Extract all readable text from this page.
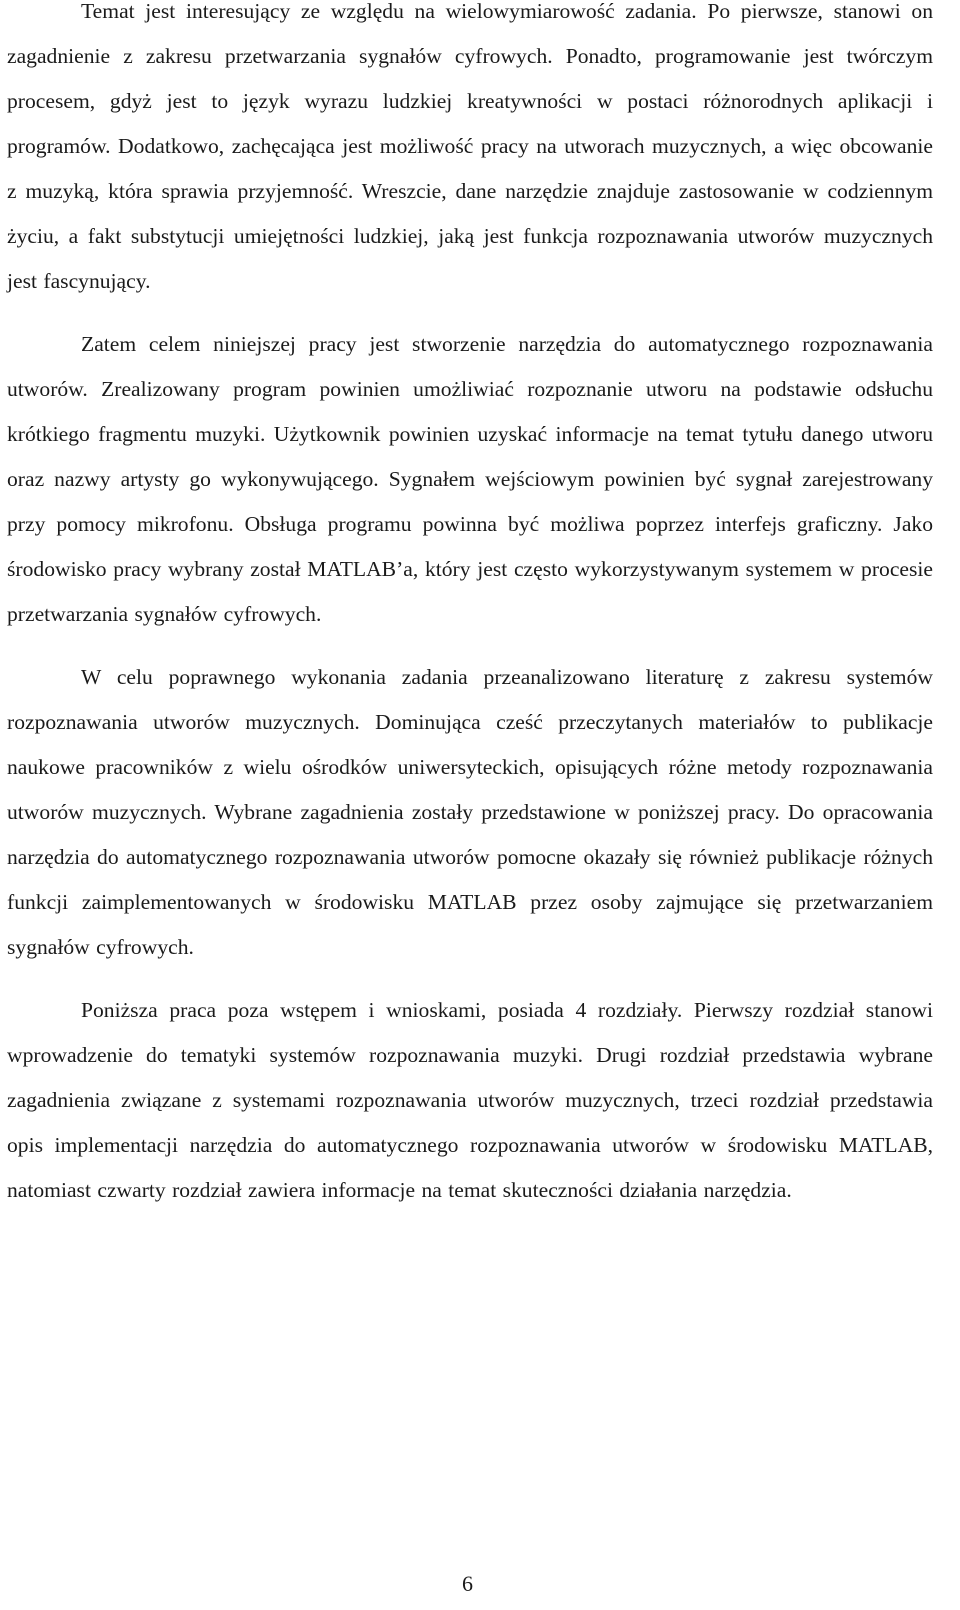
Temat jest interesujący ze względu na wielowymiarowość zadania. Po pierwsze, stanowi on zagadnienie z zakresu przetwarzania sygnałów cyfrowych. Ponadto, programowanie jest twórczym procesem, gdyż jest to język wyrazu ludzkiej kreatywności w postaci różnorodnych aplikacji i programów. Dodatkowo, zachęcająca jest możliwość pracy na utworach muzycznych, a więc obcowanie z muzyką, która sprawia przyjemność. Wreszcie, dane narzędzie znajduje zastosowanie w codziennym życiu, a fakt substytucji umiejętności ludzkiej, jaką jest funkcja rozpoznawania utworów muzycznych jest fascynujący.

Zatem celem niniejszej pracy jest stworzenie narzędzia do automatycznego rozpoznawania utworów. Zrealizowany program powinien umożliwiać rozpoznanie utworu na podstawie odsłuchu krótkiego fragmentu muzyki. Użytkownik powinien uzyskać informacje na temat tytułu danego utworu oraz nazwy artysty go wykonywującego. Sygnałem wejściowym powinien być sygnał zarejestrowany przy pomocy mikrofonu. Obsługa programu powinna być możliwa poprzez interfejs graficzny. Jako środowisko pracy wybrany został MATLAB’a, który jest często wykorzystywanym systemem w procesie przetwarzania sygnałów cyfrowych.

W celu poprawnego wykonania zadania przeanalizowano literaturę z zakresu systemów rozpoznawania utworów muzycznych. Dominująca cześć przeczytanych materiałów to publikacje naukowe pracowników z wielu ośrodków uniwersyteckich, opisujących różne metody rozpoznawania utworów muzycznych. Wybrane zagadnienia zostały przedstawione w poniższej pracy. Do opracowania narzędzia do automatycznego rozpoznawania utworów pomocne okazały się również publikacje różnych funkcji zaimplementowanych w środowisku MATLAB przez osoby zajmujące się przetwarzaniem sygnałów cyfrowych.

Poniższa praca poza wstępem i wnioskami, posiada 4 rozdziały. Pierwszy rozdział stanowi wprowadzenie do tematyki systemów rozpoznawania muzyki. Drugi rozdział przedstawia wybrane zagadnienia związane z systemami rozpoznawania utworów muzycznych, trzeci rozdział przedstawia opis implementacji narzędzia do automatycznego rozpoznawania utworów w środowisku MATLAB, natomiast czwarty rozdział zawiera informacje na temat skuteczności działania narzędzia.

6
